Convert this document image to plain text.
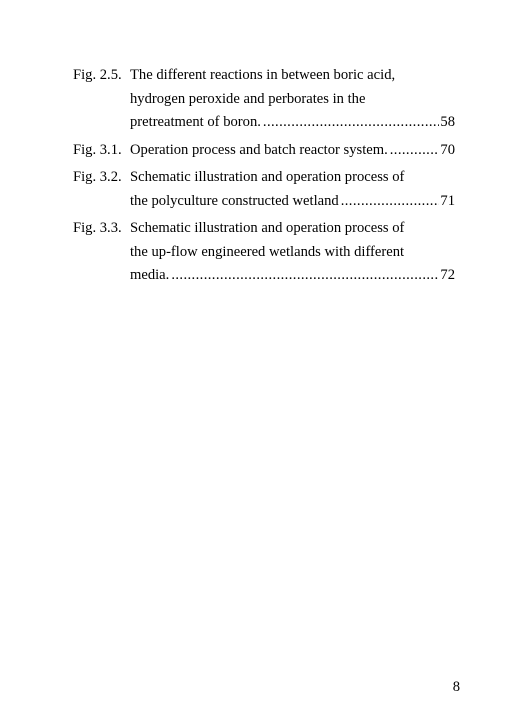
Fig. 2.5. The different reactions in between boric acid,
hydrogen peroxide and perborates in the
pretreatment of boron. .....	58
Fig. 3.1. Operation process and batch reactor system. .....	70
Fig. 3.2. Schematic illustration and operation process of
the polyculture constructed wetland .....	71
Fig. 3.3. Schematic illustration and operation process of
the up-flow engineered wetlands with different
media. .....	72
8
